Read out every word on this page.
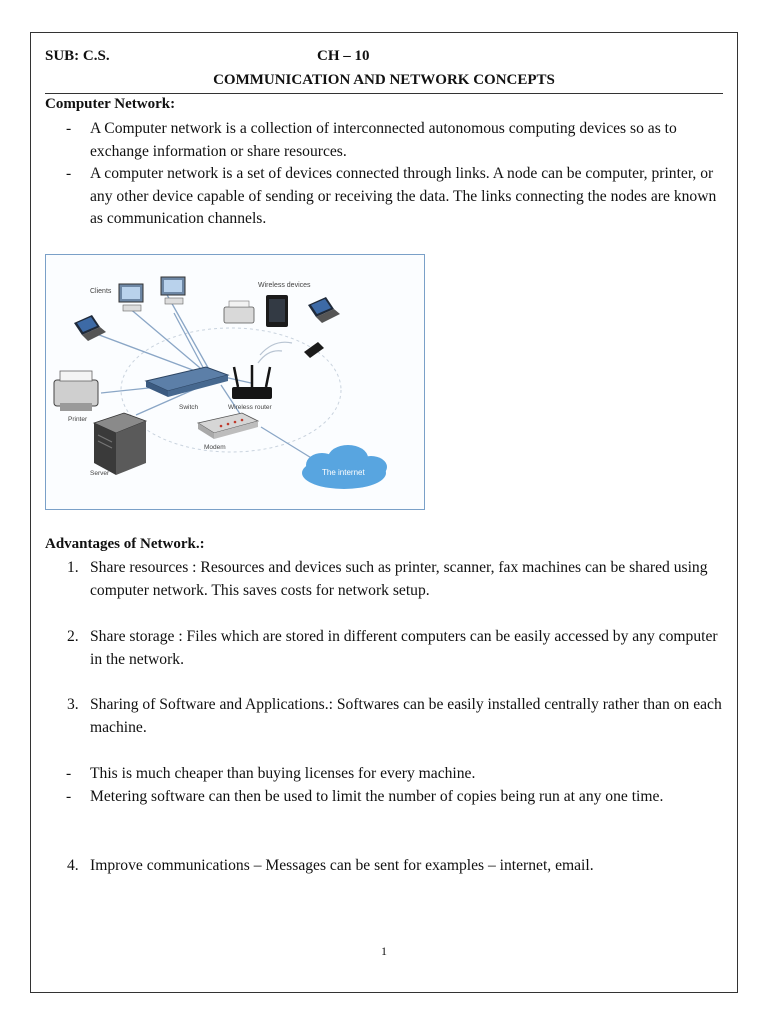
SUB: C.S.	CH – 10
COMMUNICATION AND NETWORK CONCEPTS
Computer Network:
- A Computer network is a collection of interconnected autonomous computing devices so as to exchange information or share resources.
- A computer network is a set of devices connected through links. A node can be computer, printer, or any other device capable of sending or receiving the data. The links connecting the nodes are known as communication channels.
Clients
Wireless devices
Printer
Switch	Wireless router
Modem
Server	The internet
Advantages of Network.:
1. Share resources : Resources and devices such as printer, scanner, fax machines can be shared using computer network. This saves costs for network setup.
2. Share storage : Files which are stored in different computers can be easily accessed by any computer in the network.
3. Sharing of Software and Applications.: Softwares can be easily installed centrally rather than on each machine.
- This is much cheaper than buying licenses for every machine.
- Metering software can then be used to limit the number of copies being run at any one time.
4. Improve communications – Messages can be sent for examples – internet, email.
1
